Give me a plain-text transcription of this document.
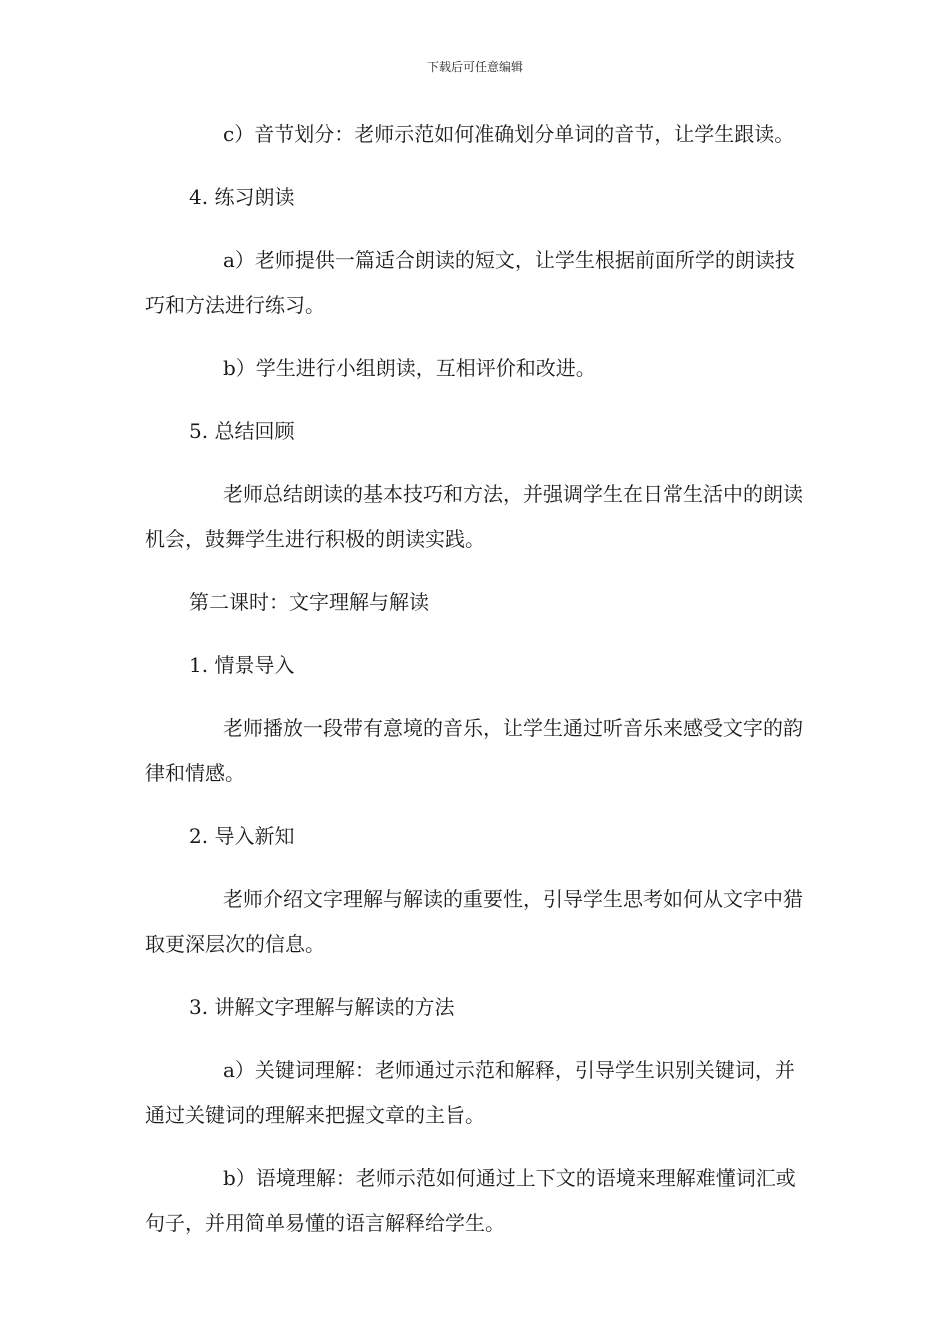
下载后可任意编辑

c）音节划分：老师示范如何准确划分单词的音节，让学生跟读。

4. 练习朗读

a）老师提供一篇适合朗读的短文，让学生根据前面所学的朗读技巧和方法进行练习。

b）学生进行小组朗读，互相评价和改进。

5. 总结回顾

老师总结朗读的基本技巧和方法，并强调学生在日常生活中的朗读机会，鼓舞学生进行积极的朗读实践。

第二课时：文字理解与解读

1. 情景导入

老师播放一段带有意境的音乐，让学生通过听音乐来感受文字的韵律和情感。

2. 导入新知

老师介绍文字理解与解读的重要性，引导学生思考如何从文字中猎取更深层次的信息。

3. 讲解文字理解与解读的方法

a）关键词理解：老师通过示范和解释，引导学生识别关键词，并通过关键词的理解来把握文章的主旨。

b）语境理解：老师示范如何通过上下文的语境来理解难懂词汇或句子，并用简单易懂的语言解释给学生。
